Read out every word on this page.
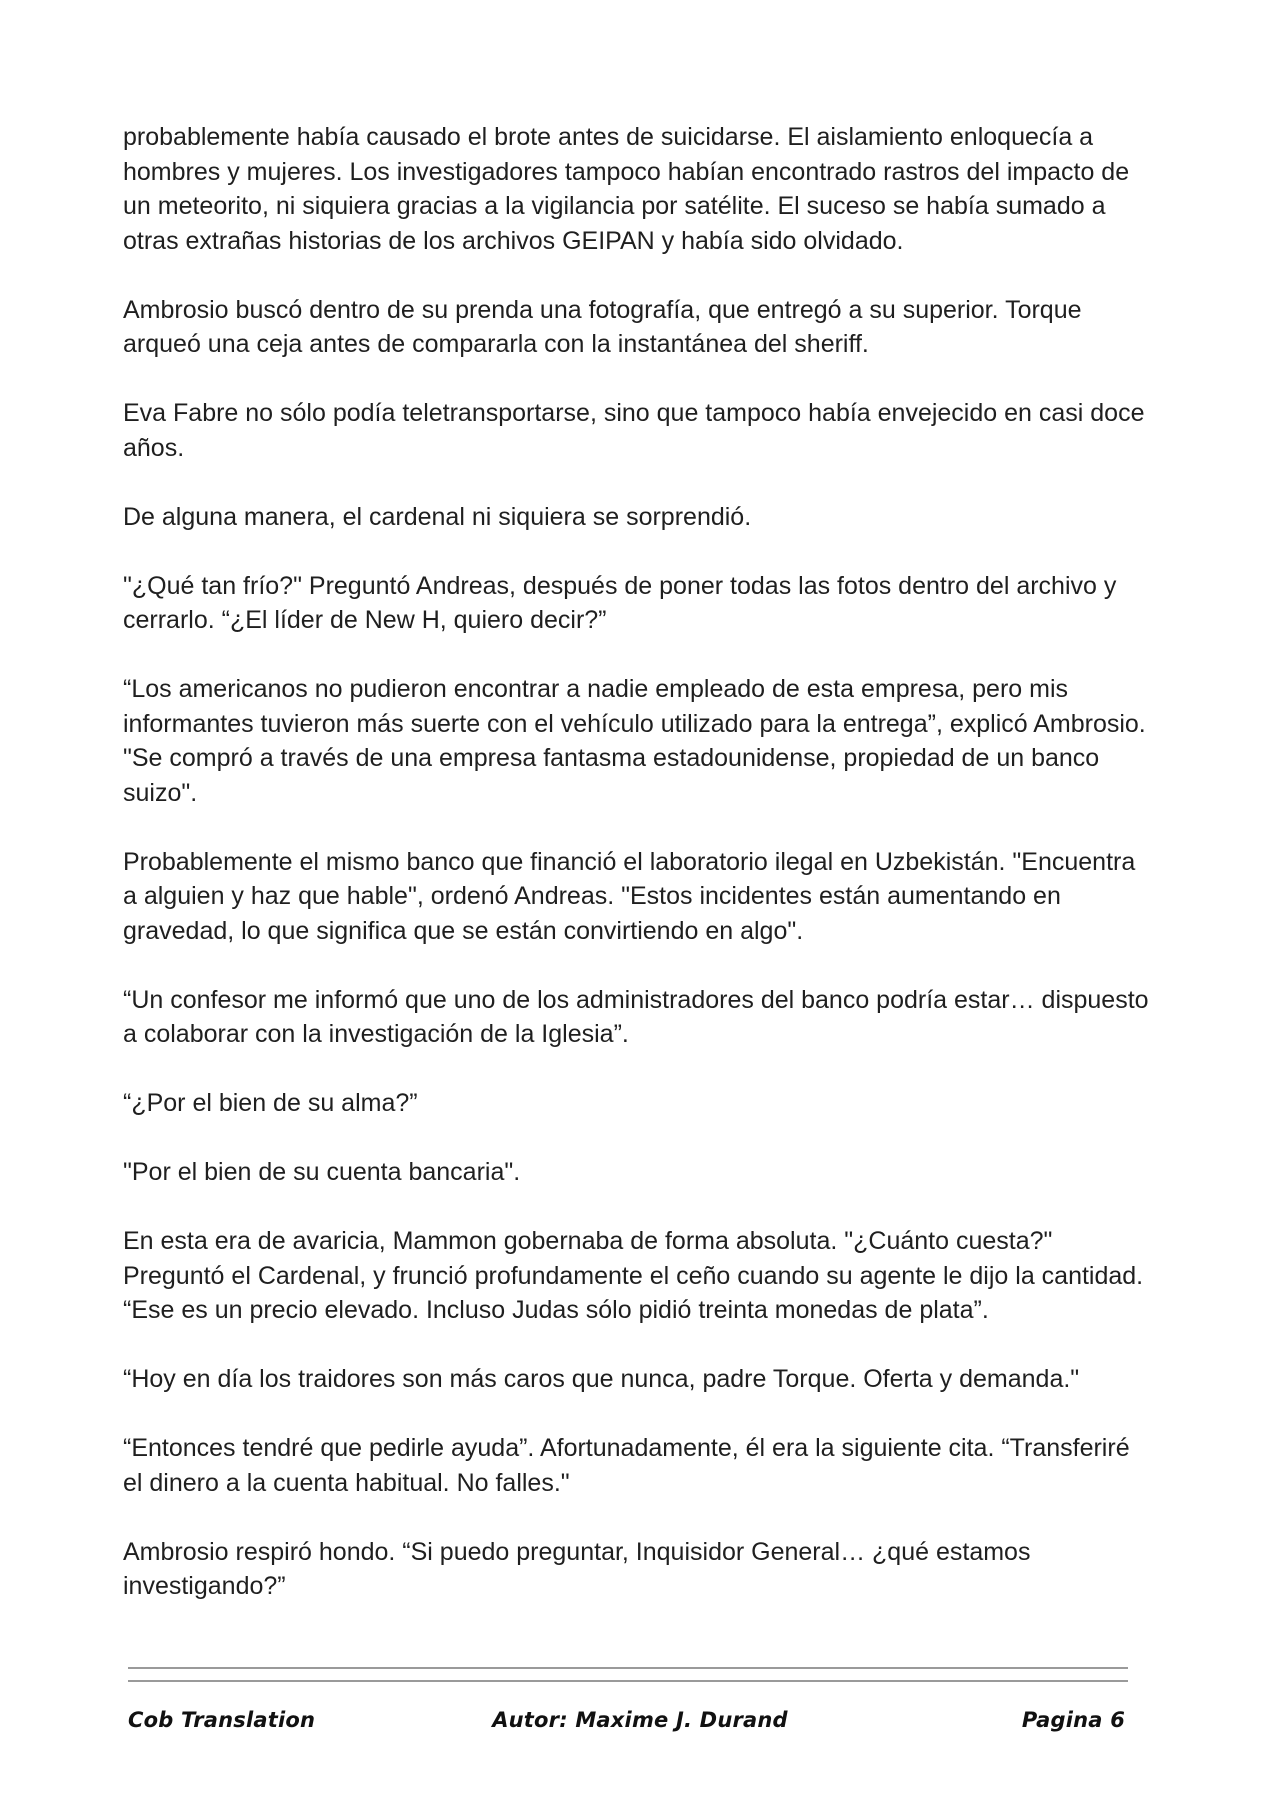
probablemente había causado el brote antes de suicidarse. El aislamiento enloquecía a hombres y mujeres. Los investigadores tampoco habían encontrado rastros del impacto de un meteorito, ni siquiera gracias a la vigilancia por satélite. El suceso se había sumado a otras extrañas historias de los archivos GEIPAN y había sido olvidado.

Ambrosio buscó dentro de su prenda una fotografía, que entregó a su superior. Torque arqueó una ceja antes de compararla con la instantánea del sheriff.

Eva Fabre no sólo podía teletransportarse, sino que tampoco había envejecido en casi doce años.

De alguna manera, el cardenal ni siquiera se sorprendió.

"¿Qué tan frío?" Preguntó Andreas, después de poner todas las fotos dentro del archivo y cerrarlo. “¿El líder de New H, quiero decir?”

“Los americanos no pudieron encontrar a nadie empleado de esta empresa, pero mis informantes tuvieron más suerte con el vehículo utilizado para la entrega”, explicó Ambrosio. "Se compró a través de una empresa fantasma estadounidense, propiedad de un banco suizo".

Probablemente el mismo banco que financió el laboratorio ilegal en Uzbekistán. "Encuentra a alguien y haz que hable", ordenó Andreas. "Estos incidentes están aumentando en gravedad, lo que significa que se están convirtiendo en algo".

“Un confesor me informó que uno de los administradores del banco podría estar… dispuesto a colaborar con la investigación de la Iglesia”.

“¿Por el bien de su alma?”

"Por el bien de su cuenta bancaria".

En esta era de avaricia, Mammon gobernaba de forma absoluta. "¿Cuánto cuesta?" Preguntó el Cardenal, y frunció profundamente el ceño cuando su agente le dijo la cantidad. “Ese es un precio elevado. Incluso Judas sólo pidió treinta monedas de plata”.

“Hoy en día los traidores son más caros que nunca, padre Torque. Oferta y demanda."

“Entonces tendré que pedirle ayuda”. Afortunadamente, él era la siguiente cita. “Transferiré el dinero a la cuenta habitual. No falles."

Ambrosio respiró hondo. “Si puedo preguntar, Inquisidor General… ¿qué estamos investigando?”

Cob Translation	Autor: Maxime J. Durand	Pagina 6
